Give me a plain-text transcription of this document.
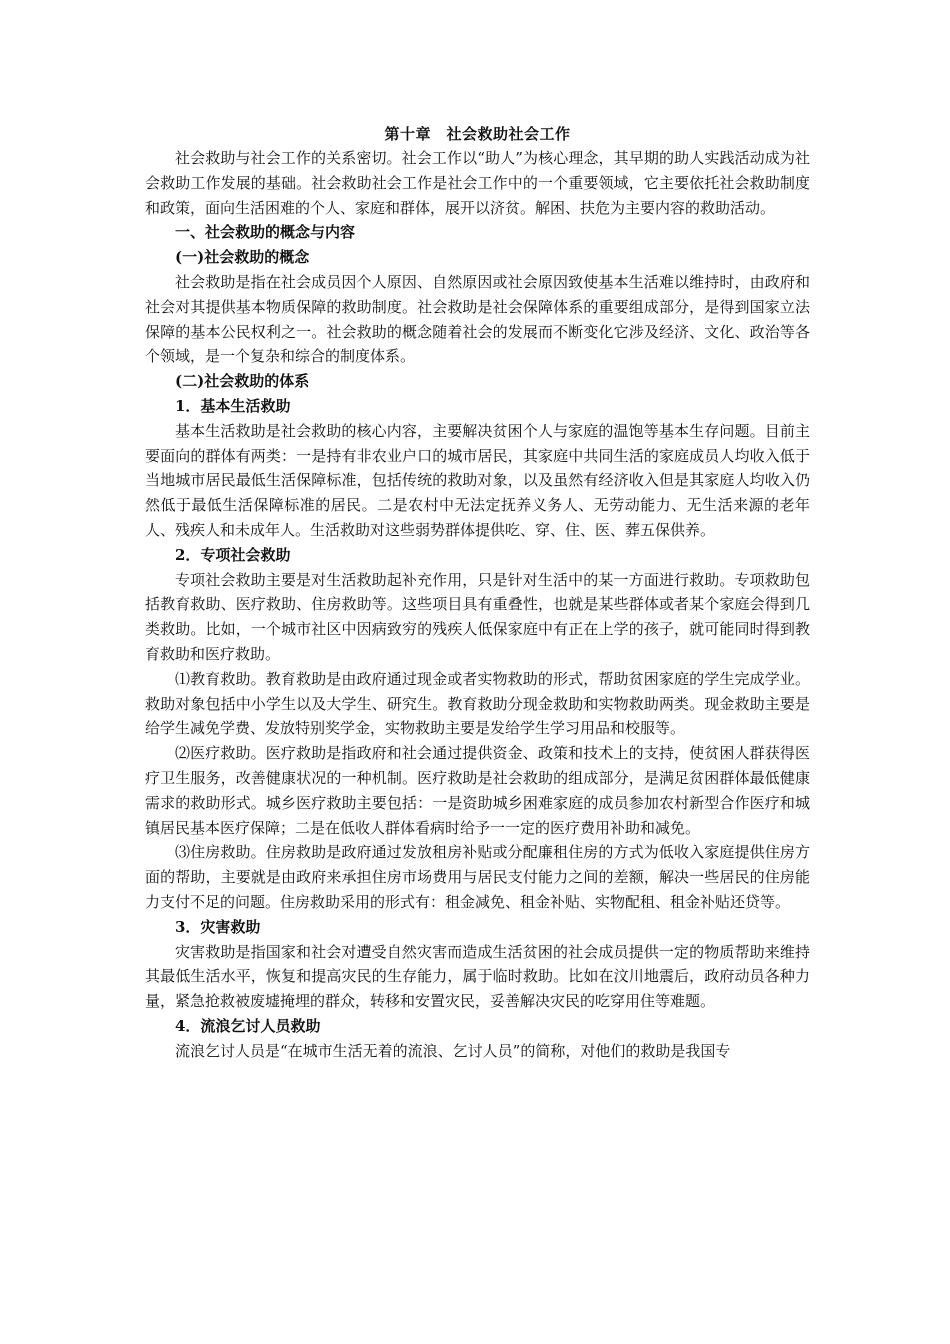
第十章　社会救助社会工作

社会救助与社会工作的关系密切。社会工作以“助人”为核心理念，其早期的助人实践活动成为社会救助工作发展的基础。社会救助社会工作是社会工作中的一个重要领域，它主要依托社会救助制度和政策，面向生活困难的个人、家庭和群体，展开以济贫。解困、扶危为主要内容的救助活动。

一、社会救助的概念与内容

(一)社会救助的概念

社会救助是指在社会成员因个人原因、自然原因或社会原因致使基本生活难以维持时，由政府和社会对其提供基本物质保障的救助制度。社会救助是社会保障体系的重要组成部分，是得到国家立法保障的基本公民权利之一。社会救助的概念随着社会的发展而不断变化它涉及经济、文化、政治等各个领域，是一个复杂和综合的制度体系。

(二)社会救助的体系

1．基本生活救助

基本生活救助是社会救助的核心内容，主要解决贫困个人与家庭的温饱等基本生存问题。目前主要面向的群体有两类：一是持有非农业户口的城市居民，其家庭中共同生活的家庭成员人均收入低于当地城市居民最低生活保障标准，包括传统的救助对象，以及虽然有经济收入但是其家庭人均收入仍然低于最低生活保障标准的居民。二是农村中无法定抚养义务人、无劳动能力、无生活来源的老年人、残疾人和未成年人。生活救助对这些弱势群体提供吃、穿、住、医、葬五保供养。

2．专项社会救助

专项社会救助主要是对生活救助起补充作用，只是针对生活中的某一方面进行救助。专项救助包括教育救助、医疗救助、住房救助等。这些项目具有重叠性，也就是某些群体或者某个家庭会得到几类救助。比如，一个城市社区中因病致穷的残疾人低保家庭中有正在上学的孩子，就可能同时得到教育救助和医疗救助。

⑴教育救助。教育救助是由政府通过现金或者实物救助的形式，帮助贫困家庭的学生完成学业。救助对象包括中小学生以及大学生、研究生。教育救助分现金救助和实物救助两类。现金救助主要是给学生减免学费、发放特别奖学金，实物救助主要是发给学生学习用品和校服等。

⑵医疗救助。医疗救助是指政府和社会通过提供资金、政策和技术上的支持，使贫困人群获得医疗卫生服务，改善健康状况的一种机制。医疗救助是社会救助的组成部分，是满足贫困群体最低健康需求的救助形式。城乡医疗救助主要包括：一是资助城乡困难家庭的成员参加农村新型合作医疗和城镇居民基本医疗保障；二是在低收人群体看病时给予一一定的医疗费用补助和减免。

⑶住房救助。住房救助是政府通过发放租房补贴或分配廉租住房的方式为低收入家庭提供住房方面的帮助，主要就是由政府来承担住房市场费用与居民支付能力之间的差额，解决一些居民的住房能力支付不足的问题。住房救助采用的形式有：租金减免、租金补贴、实物配租、租金补贴还贷等。

3．灾害救助

灾害救助是指国家和社会对遭受自然灾害而造成生活贫困的社会成员提供一定的物质帮助来维持其最低生活水平，恢复和提高灾民的生存能力，属于临时救助。比如在汶川地震后，政府动员各种力量，紧急抢救被废墟掩埋的群众，转移和安置灾民，妥善解决灾民的吃穿用住等难题。

4．流浪乞讨人员救助

流浪乞讨人员是“在城市生活无着的流浪、乞讨人员”的简称，对他们的救助是我国专
